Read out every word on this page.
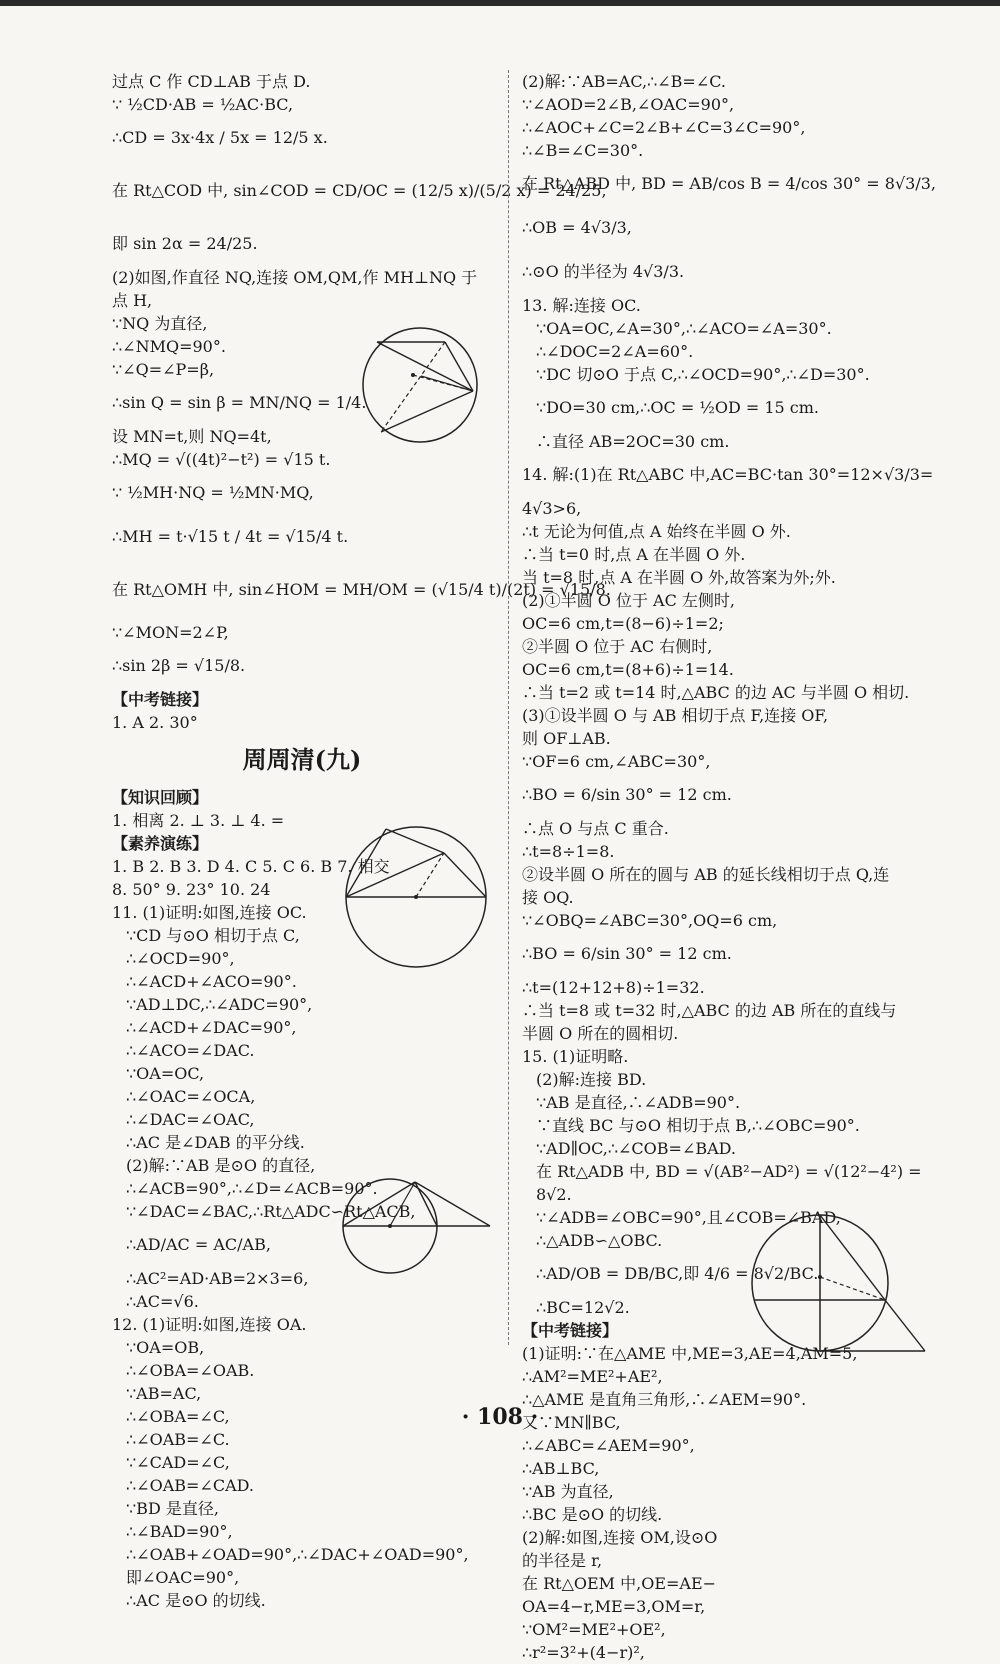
过点 C 作 CD⊥AB 于点 D.
∵ ½CD·AB = ½AC·BC,
∴CD = 3x·4x / 5x = 12/5 x.
在 Rt△COD 中, sin∠COD = CD/OC = (12/5 x)/(5/2 x) = 24/25,
即 sin 2α = 24/25.
(2)如图,作直径 NQ,连接 OM,QM,作 MH⊥NQ 于
点 H,
∵NQ 为直径,
∴∠NMQ=90°.
∵∠Q=∠P=β,
∴sin Q = sin β = MN/NQ = 1/4.
设 MN=t,则 NQ=4t,
∴MQ = √((4t)²−t²) = √15 t.
∵ ½MH·NQ = ½MN·MQ,
∴MH = t·√15 t / 4t = √15/4 t.
在 Rt△OMH 中, sin∠HOM = MH/OM = (√15/4 t)/(2t) = √15/8.
∵∠MON=2∠P,
∴sin 2β = √15/8.
【中考链接】
1. A 2. 30°
周周清(九)
【知识回顾】
1. 相离 2. ⊥ 3. ⊥ 4. =
【素养演练】
1. B 2. B 3. D 4. C 5. C 6. B 7. 相交
8. 50° 9. 23° 10. 24
11. (1)证明:如图,连接 OC.
∵CD 与⊙O 相切于点 C,
∴∠OCD=90°,
∴∠ACD+∠ACO=90°.
∵AD⊥DC,∴∠ADC=90°,
∴∠ACD+∠DAC=90°,
∴∠ACO=∠DAC.
∵OA=OC,
∴∠OAC=∠OCA,
∴∠DAC=∠OAC,
∴AC 是∠DAB 的平分线.
(2)解:∵AB 是⊙O 的直径,
∴∠ACB=90°,∴∠D=∠ACB=90°.
∵∠DAC=∠BAC,∴Rt△ADC∽Rt△ACB,
∴AD/AC = AC/AB,
∴AC²=AD·AB=2×3=6,
∴AC=√6.
12. (1)证明:如图,连接 OA.
∵OA=OB,
∴∠OBA=∠OAB.
∵AB=AC,
∴∠OBA=∠C,
∴∠OAB=∠C.
∵∠CAD=∠C,
∴∠OAB=∠CAD.
∵BD 是直径,
∴∠BAD=90°,
∴∠OAB+∠OAD=90°,∴∠DAC+∠OAD=90°,
即∠OAC=90°,
∴AC 是⊙O 的切线.
(2)解:∵AB=AC,∴∠B=∠C.
∵∠AOD=2∠B,∠OAC=90°,
∴∠AOC+∠C=2∠B+∠C=3∠C=90°,
∴∠B=∠C=30°.
在 Rt△ABD 中, BD = AB/cos B = 4/cos 30° = 8√3/3,
∴OB = 4√3/3,
∴⊙O 的半径为 4√3/3.
13. 解:连接 OC.
∵OA=OC,∠A=30°,∴∠ACO=∠A=30°.
∴∠DOC=2∠A=60°.
∵DC 切⊙O 于点 C,∴∠OCD=90°,∴∠D=30°.
∵DO=30 cm,∴OC = ½OD = 15 cm.
∴直径 AB=2OC=30 cm.
14. 解:(1)在 Rt△ABC 中,AC=BC·tan 30°=12×√3/3=
4√3>6,
∴t 无论为何值,点 A 始终在半圆 O 外.
∴当 t=0 时,点 A 在半圆 O 外.
当 t=8 时,点 A 在半圆 O 外,故答案为外;外.
(2)①半圆 O 位于 AC 左侧时,
OC=6 cm,t=(8−6)÷1=2;
②半圆 O 位于 AC 右侧时,
OC=6 cm,t=(8+6)÷1=14.
∴当 t=2 或 t=14 时,△ABC 的边 AC 与半圆 O 相切.
(3)①设半圆 O 与 AB 相切于点 F,连接 OF,
则 OF⊥AB.
∵OF=6 cm,∠ABC=30°,
∴BO = 6/sin 30° = 12 cm.
∴点 O 与点 C 重合.
∴t=8÷1=8.
②设半圆 O 所在的圆与 AB 的延长线相切于点 Q,连
接 OQ.
∵∠OBQ=∠ABC=30°,OQ=6 cm,
∴BO = 6/sin 30° = 12 cm.
∴t=(12+12+8)÷1=32.
∴当 t=8 或 t=32 时,△ABC 的边 AB 所在的直线与
半圆 O 所在的圆相切.
15. (1)证明略.
(2)解:连接 BD.
∵AB 是直径,∴∠ADB=90°.
∵直线 BC 与⊙O 相切于点 B,∴∠OBC=90°.
∵AD∥OC,∴∠COB=∠BAD.
在 Rt△ADB 中, BD = √(AB²−AD²) = √(12²−4²) =
8√2.
∵∠ADB=∠OBC=90°,且∠COB=∠BAD,
∴△ADB∽△OBC.
∴AD/OB = DB/BC,即 4/6 = 8√2/BC.
∴BC=12√2.
【中考链接】
(1)证明:∵在△AME 中,ME=3,AE=4,AM=5,
∴AM²=ME²+AE²,
∴△AME 是直角三角形,∴∠AEM=90°.
又∵MN∥BC,
∴∠ABC=∠AEM=90°,
∴AB⊥BC,
∵AB 为直径,
∴BC 是⊙O 的切线.
(2)解:如图,连接 OM,设⊙O
的半径是 r,
在 Rt△OEM 中,OE=AE−
OA=4−r,ME=3,OM=r,
∵OM²=ME²+OE²,
∴r²=3²+(4−r)²,
· 108 ·
